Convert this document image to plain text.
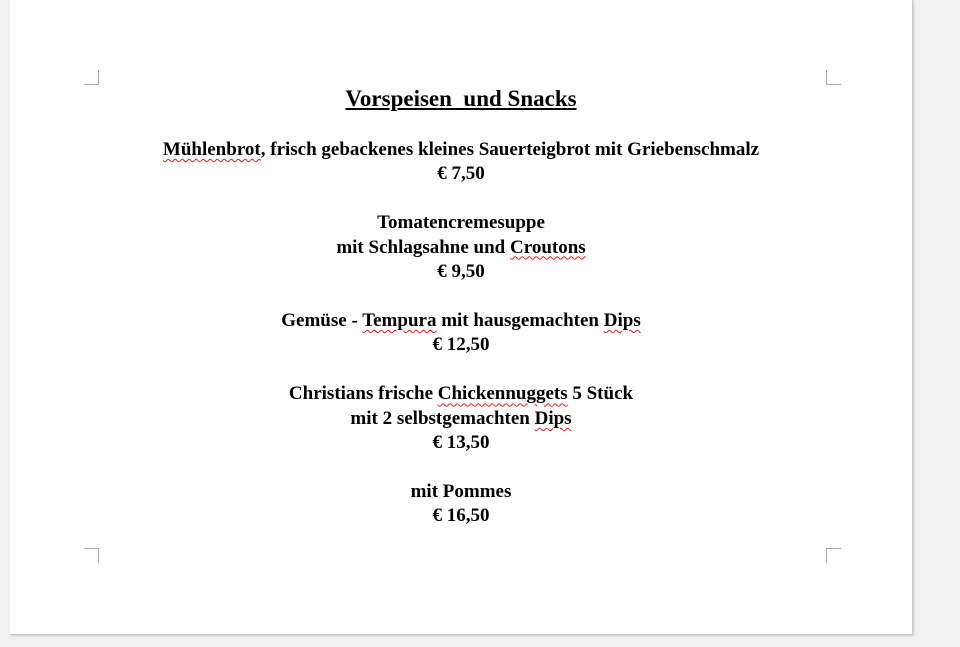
Vorspeisen  und Snacks
Mühlenbrot, frisch gebackenes kleines Sauerteigbrot mit Griebenschmalz
€ 7,50
Tomatencremesuppe
mit Schlagsahne und Croutons
€ 9,50
Gemüse - Tempura mit hausgemachten Dips
€ 12,50
Christians frische Chickennuggets 5 Stück
mit 2 selbstgemachten Dips
€ 13,50
mit Pommes
€ 16,50
